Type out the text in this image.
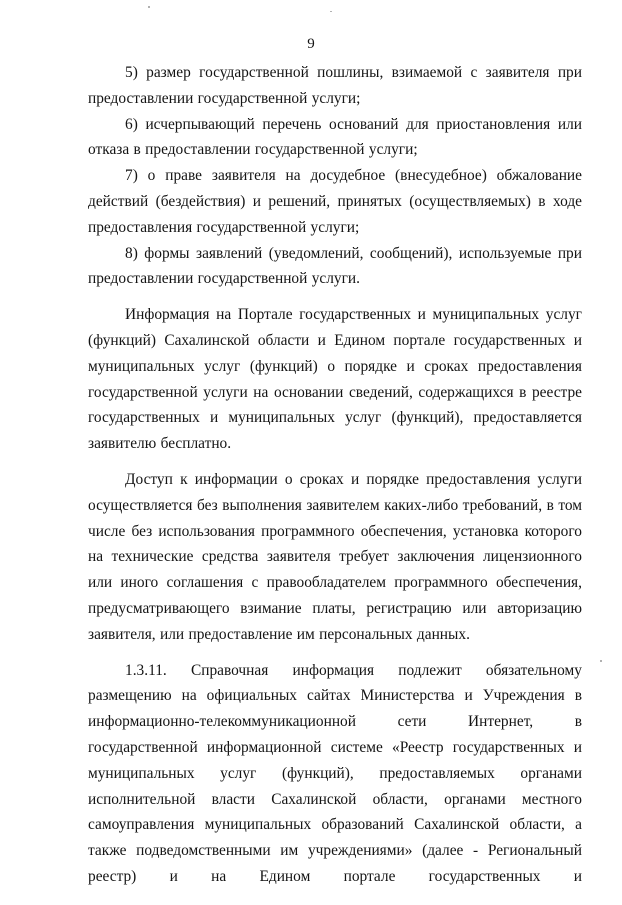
9

5) размер государственной пошлины, взимаемой с заявителя при предоставлении государственной услуги;

6) исчерпывающий перечень оснований для приостановления или отказа в предоставлении государственной услуги;

7) о праве заявителя на досудебное (внесудебное) обжалование действий (бездействия) и решений, принятых (осуществляемых) в ходе предоставления государственной услуги;

8) формы заявлений (уведомлений, сообщений), используемые при предоставлении государственной услуги.

Информация на Портале государственных и муниципальных услуг (функций) Сахалинской области и Едином портале государственных и муниципальных услуг (функций) о порядке и сроках предоставления государственной услуги на основании сведений, содержащихся в реестре государственных и муниципальных услуг (функций), предоставляется заявителю бесплатно.

Доступ к информации о сроках и порядке предоставления услуги осуществляется без выполнения заявителем каких-либо требований, в том числе без использования программного обеспечения, установка которого на технические средства заявителя требует заключения лицензионного или иного соглашения с правообладателем программного обеспечения, предусматривающего взимание платы, регистрацию или авторизацию заявителя, или предоставление им персональных данных.

1.3.11. Справочная информация подлежит обязательному размещению на официальных сайтах Министерства и Учреждения в информационно-телекоммуникационной сети Интернет, в государственной информационной системе «Реестр государственных и муниципальных услуг (функций), предоставляемых органами исполнительной власти Сахалинской области, органами местного самоуправления муниципальных образований Сахалинской области, а также подведомственными им учреждениями» (далее - Региональный реестр) и на Едином портале государственных и
